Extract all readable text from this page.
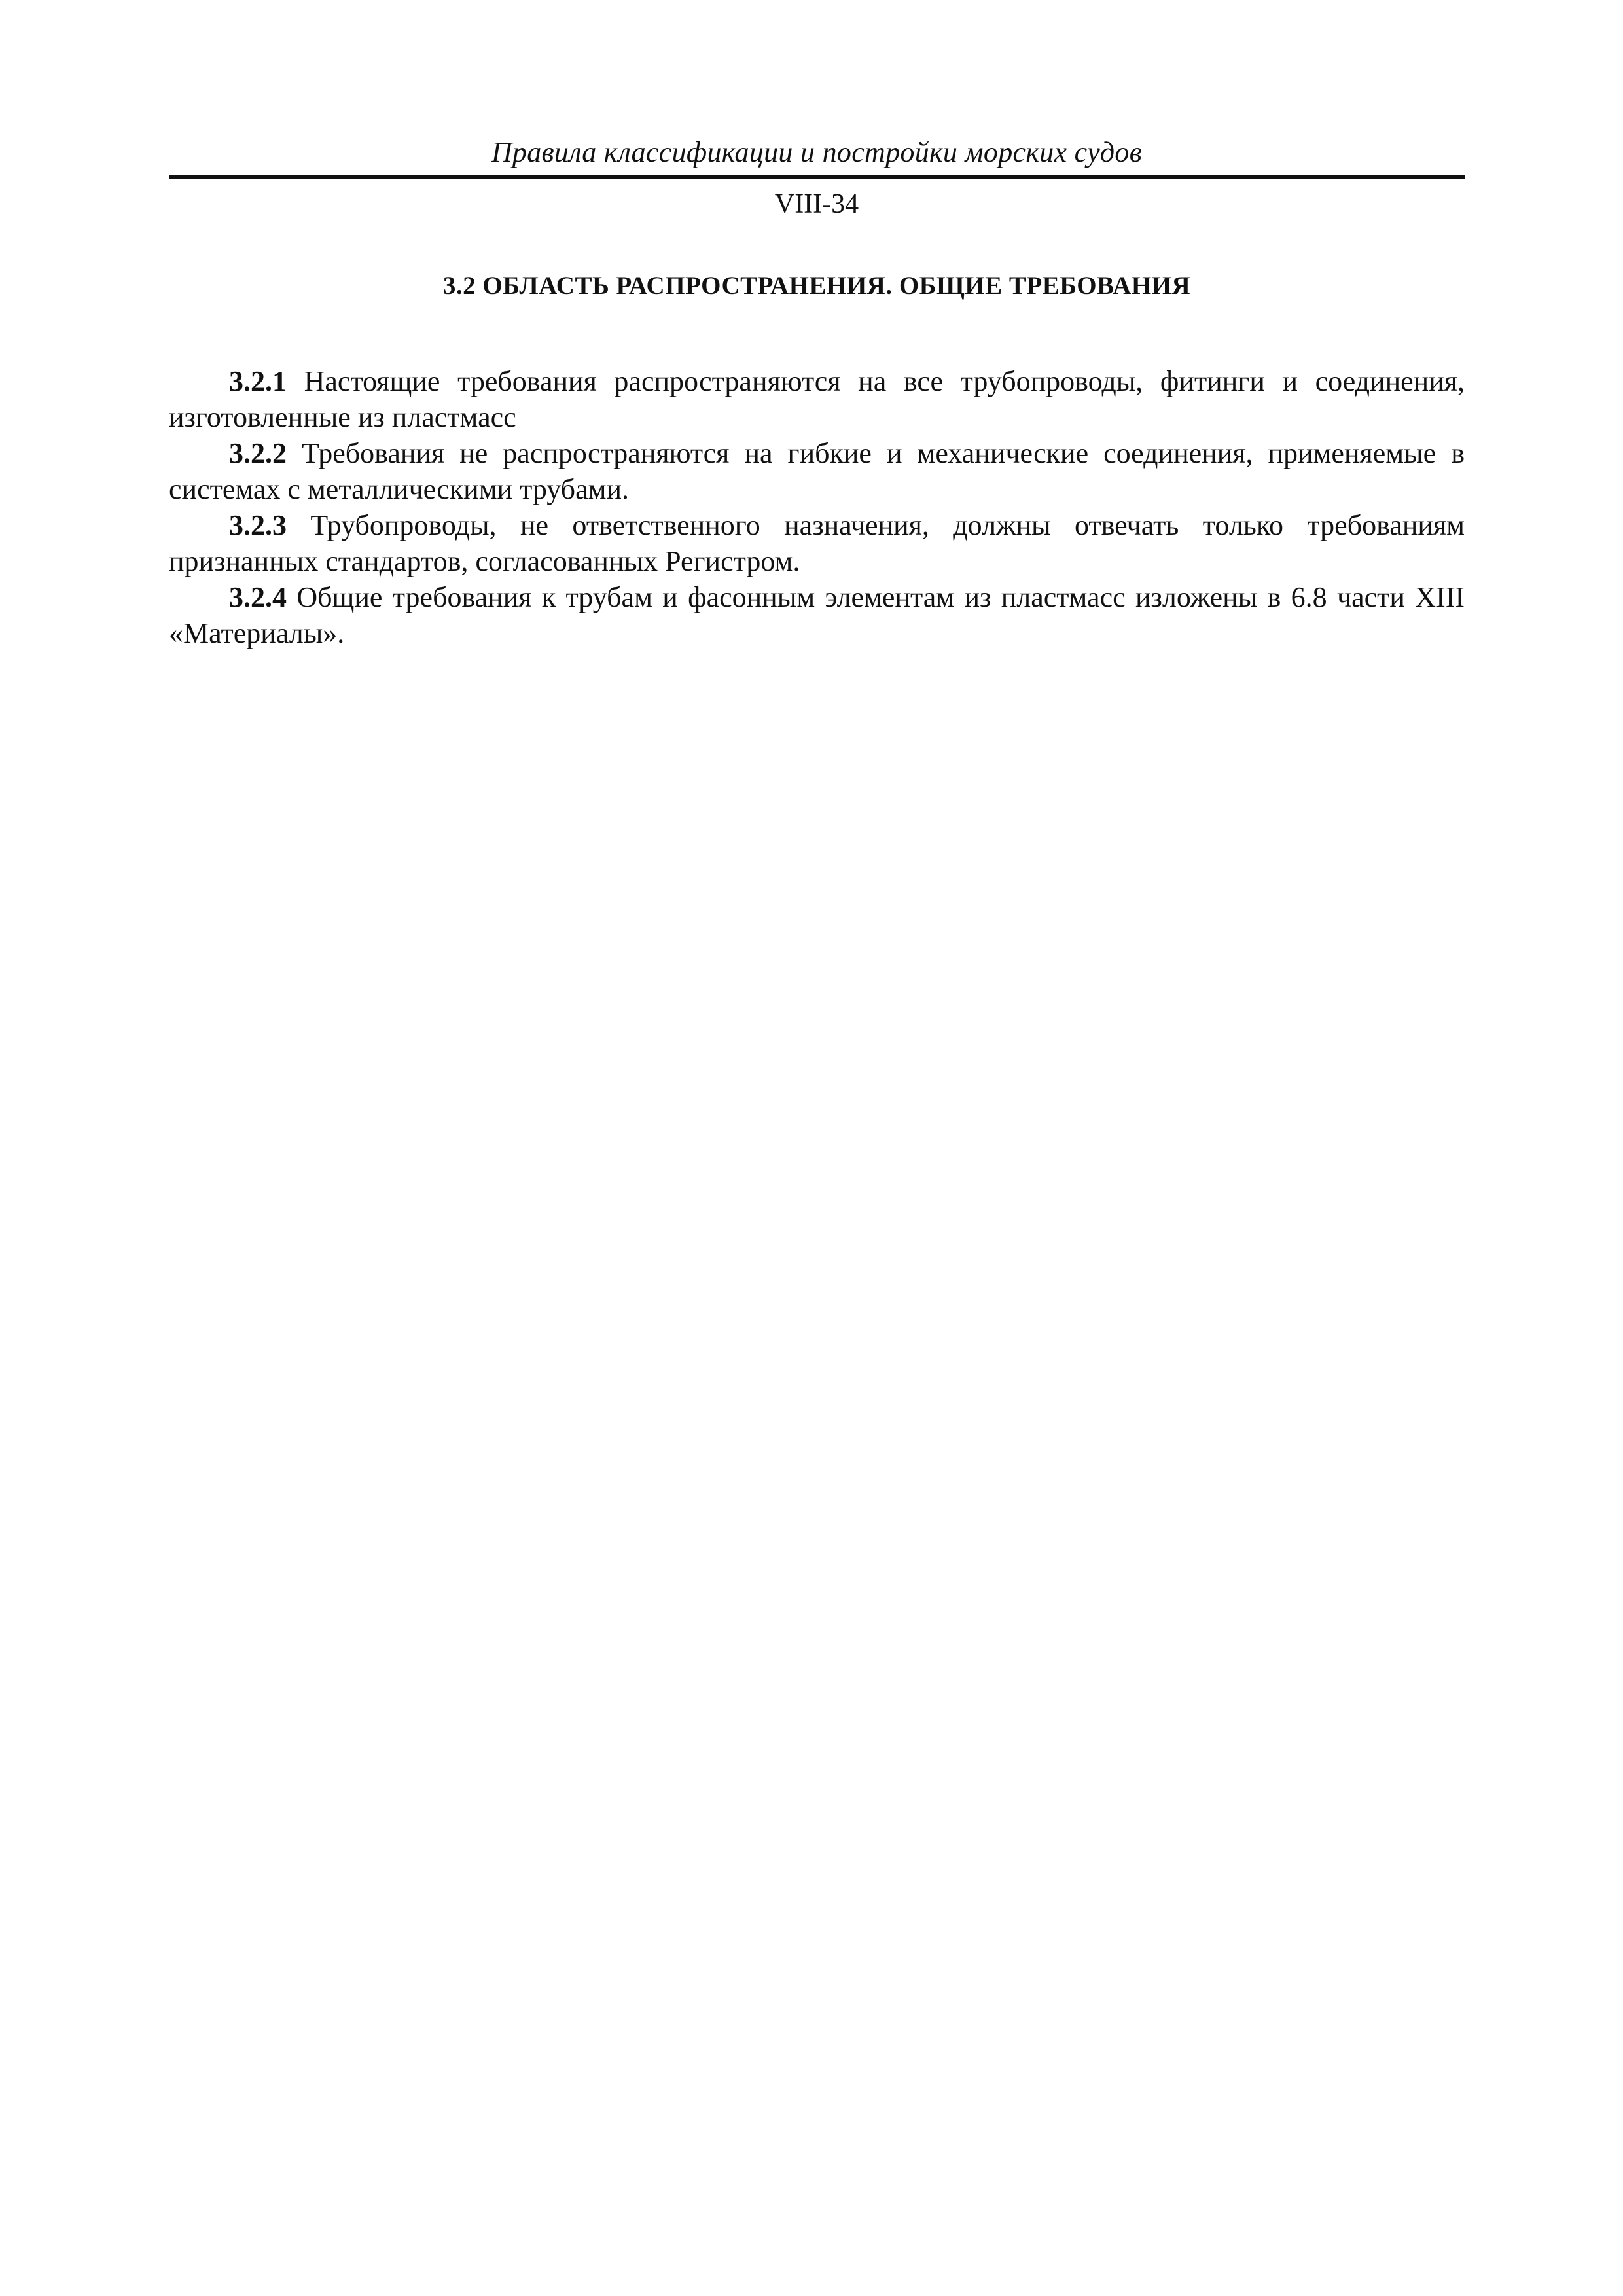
Правила классификации и постройки морских судов
VIII-34
3.2 ОБЛАСТЬ РАСПРОСТРАНЕНИЯ. ОБЩИЕ ТРЕБОВАНИЯ

3.2.1 Настоящие требования распространяются на все трубопроводы, фитинги и соединения, изготовленные из пластмасс

3.2.2 Требования не распространяются на гибкие и механические соединения, применяемые в системах с металлическими трубами.

3.2.3 Трубопроводы, не ответственного назначения, должны отвечать только требованиям признанных стандартов, согласованных Регистром.

3.2.4 Общие требования к трубам и фасонным элементам из пластмасс изложены в 6.8 части XIII «Материалы».
